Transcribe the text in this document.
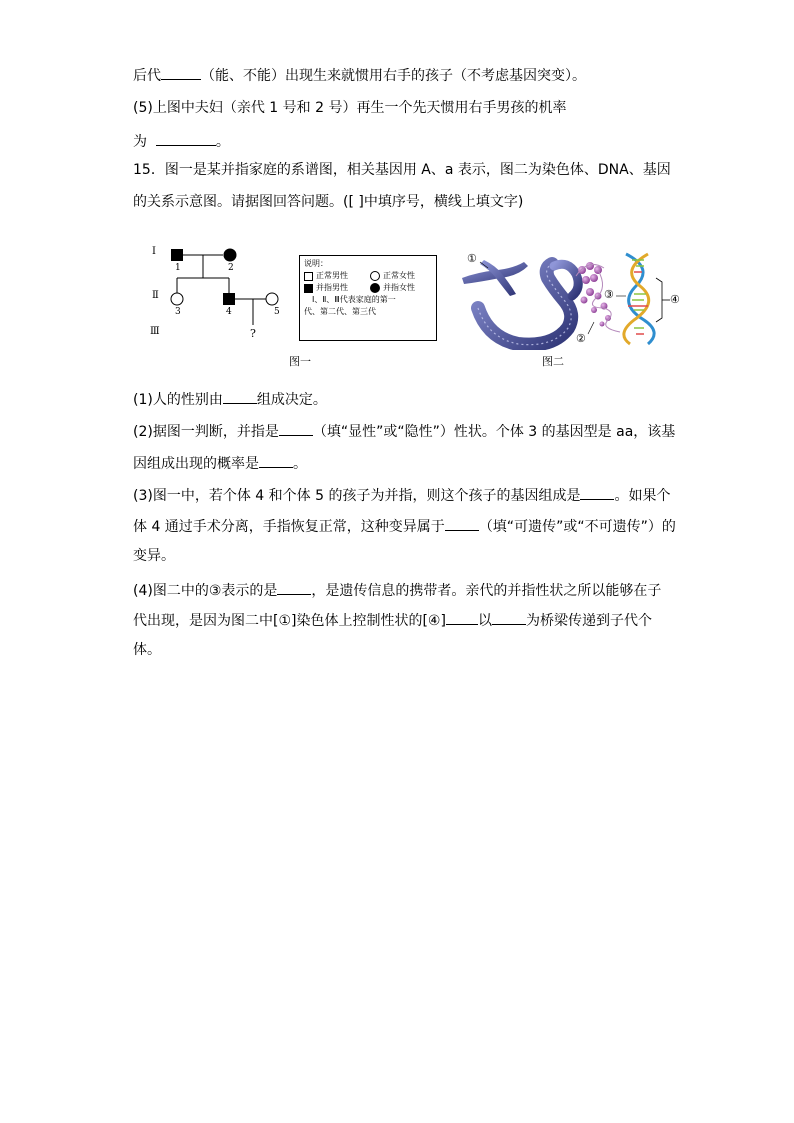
后代	（能、不能）出现生来就惯用右手的孩子（不考虑基因突变）。
(5)上图中夫妇（亲代 1 号和 2 号）再生一个先天惯用右手男孩的机率
为	。
15．图一是某并指家庭的系谱图，相关基因用 A、a 表示，图二为染色体、DNA、基因
的关系示意图。请据图回答问题。([ ]中填序号，横线上填文字)
Ⅰ
Ⅱ
Ⅲ
1	2
3	4	5
?
说明：
正常男性	正常女性
并指男性	并指女性
Ⅰ、Ⅱ、Ⅲ代表家庭的第一
代、第二代、第三代
图一
①
③	④
②
图二
(1)人的性别由 组成决定。
(2)据图一判断，并指是 （填“显性”或“隐性”）性状。个体 3 的基因型是 aa，该基
因组成出现的概率是 。
(3)图一中，若个体 4 和个体 5 的孩子为并指，则这个孩子的基因组成是 。如果个
体 4 通过手术分离，手指恢复正常，这种变异属于 （填“可遗传”或“不可遗传”）的
变异。
(4)图二中的③表示的是 ，是遗传信息的携带者。亲代的并指性状之所以能够在子
代出现，是因为图二中[①]染色体上控制性状的[④] 以 为桥梁传递到子代个
体。
